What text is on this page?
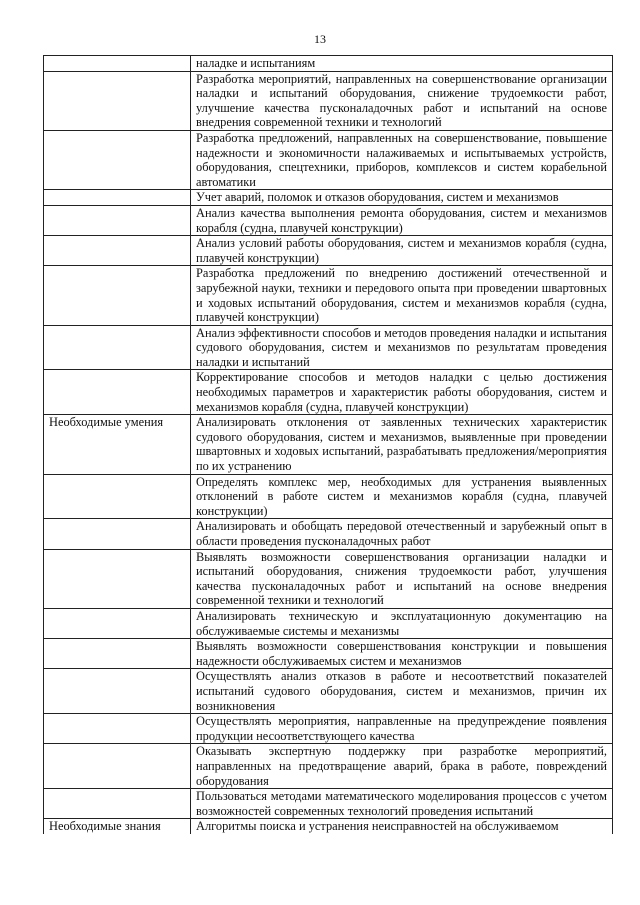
13
	наладке и испытаниям
	Разработка мероприятий, направленных на совершенствование организации наладки и испытаний оборудования, снижение трудоемкости работ, улучшение качества пусконаладочных работ и испытаний на основе внедрения современной техники и технологий
	Разработка предложений, направленных на совершенствование, повышение надежности и экономичности налаживаемых и испытываемых устройств, оборудования, спецтехники, приборов, комплексов и систем корабельной автоматики
	Учет аварий, поломок и отказов оборудования, систем и механизмов
	Анализ качества выполнения ремонта оборудования, систем и механизмов корабля (судна, плавучей конструкции)
	Анализ условий работы оборудования, систем и механизмов корабля (судна, плавучей конструкции)
	Разработка предложений по внедрению достижений отечественной и зарубежной науки, техники и передового опыта при проведении швартовных и ходовых испытаний оборудования, систем и механизмов корабля (судна, плавучей конструкции)
	Анализ эффективности способов и методов проведения наладки и испытания судового оборудования, систем и механизмов по результатам проведения наладки и испытаний
	Корректирование способов и методов наладки с целью достижения необходимых параметров и характеристик работы оборудования, систем и механизмов корабля (судна, плавучей конструкции)
Необходимые умения	Анализировать отклонения от заявленных технических характеристик судового оборудования, систем и механизмов, выявленные при проведении швартовных и ходовых испытаний, разрабатывать предложения/мероприятия по их устранению
	Определять комплекс мер, необходимых для устранения выявленных отклонений в работе систем и механизмов корабля (судна, плавучей конструкции)
	Анализировать и обобщать передовой отечественный и зарубежный опыт в области проведения пусконаладочных работ
	Выявлять возможности совершенствования организации наладки и испытаний оборудования, снижения трудоемкости работ, улучшения качества пусконаладочных работ и испытаний на основе внедрения современной техники и технологий
	Анализировать техническую и эксплуатационную документацию на обслуживаемые системы и механизмы
	Выявлять возможности совершенствования конструкции и повышения надежности обслуживаемых систем и механизмов
	Осуществлять анализ отказов в работе и несоответствий показателей испытаний судового оборудования, систем и механизмов, причин их возникновения
	Осуществлять мероприятия, направленные на предупреждение появления продукции несоответствующего качества
	Оказывать экспертную поддержку при разработке мероприятий, направленных на предотвращение аварий, брака в работе, повреждений оборудования
	Пользоваться методами математического моделирования процессов с учетом возможностей современных технологий проведения испытаний
Необходимые знания	Алгоритмы поиска и устранения неисправностей на обслуживаемом
